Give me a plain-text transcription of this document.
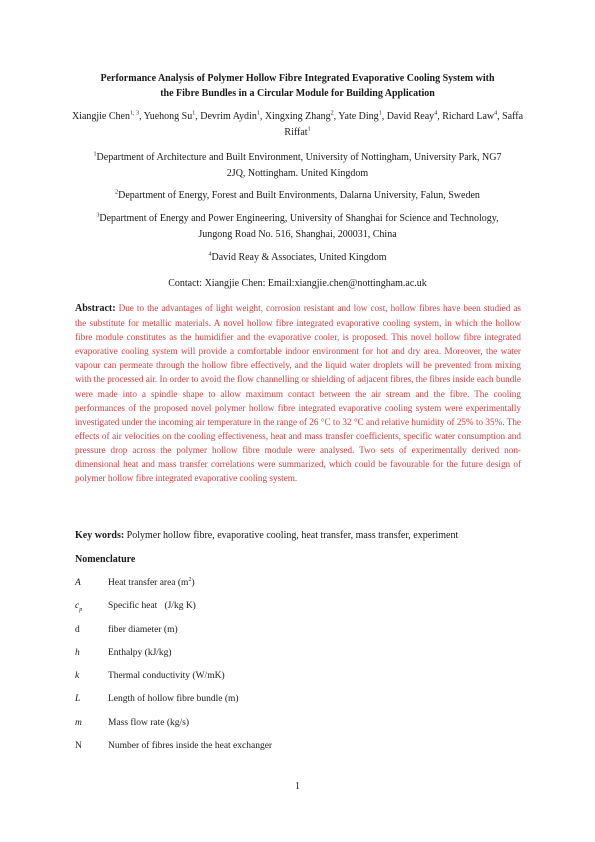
Performance Analysis of Polymer Hollow Fibre Integrated Evaporative Cooling System with
the Fibre Bundles in a Circular Module for Building Application
Xiangjie Chen$^{1, 3}$, Yuehong Su$^1$, Devrim Aydin$^1$, Xingxing Zhang$^2$, Yate Ding$^1$, David Reay$^4$, Richard Law$^4$, Saffa Riffat$^1$
$^1$Department of Architecture and Built Environment, University of Nottingham, University Park, NG7
2JQ, Nottingham. United Kingdom
$^2$Department of Energy, Forest and Built Environments, Dalarna University, Falun, Sweden
$^3$Department of Energy and Power Engineering, University of Shanghai for Science and Technology,
Jungong Road No. 516, Shanghai, 200031, China
$^4$David Reay & Associates, United Kingdom
Contact: Xiangjie Chen: Email:xiangjie.chen@nottingham.ac.uk
Abstract: Due to the advantages of light weight, corrosion resistant and low cost, hollow fibres have been studied as the substitute for metallic materials. A novel hollow fibre integrated evaporative cooling system, in which the hollow fibre module constitutes as the humidifier and the evaporative cooler, is proposed. This novel hollow fibre integrated evaporative cooling system will provide a comfortable indoor environment for hot and dry area. Moreover, the water vapour can permeate through the hollow fibre effectively, and the liquid water droplets will be prevented from mixing with the processed air. In order to avoid the flow channelling or shielding of adjacent fibres, the fibres inside each bundle were made into a spindle shape to allow maximum contact between the air stream and the fibre. The cooling performances of the proposed novel polymer hollow fibre integrated evaporative cooling system were experimentally investigated under the incoming air temperature in the range of 26 °C to 32 °C and relative humidity of 25% to 35%. The effects of air velocities on the cooling effectiveness, heat and mass transfer coefficients, specific water consumption and pressure drop across the polymer hollow fibre module were analysed. Two sets of experimentally derived non-dimensional heat and mass transfer correlations were summarized, which could be favourable for the future design of polymer hollow fibre integrated evaporative cooling system.
Key words: Polymer hollow fibre, evaporative cooling, heat transfer, mass transfer, experiment
Nomenclature
A	Heat transfer area $(m^2)$
$c_p$	Specific heat   (J/kg K)
d	fiber diameter (m)
h	Enthalpy (kJ/kg)
k	Thermal conductivity (W/mK)
L	Length of hollow fibre bundle (m)
m	Mass flow rate (kg/s)
N	Number of fibres inside the heat exchanger
1
